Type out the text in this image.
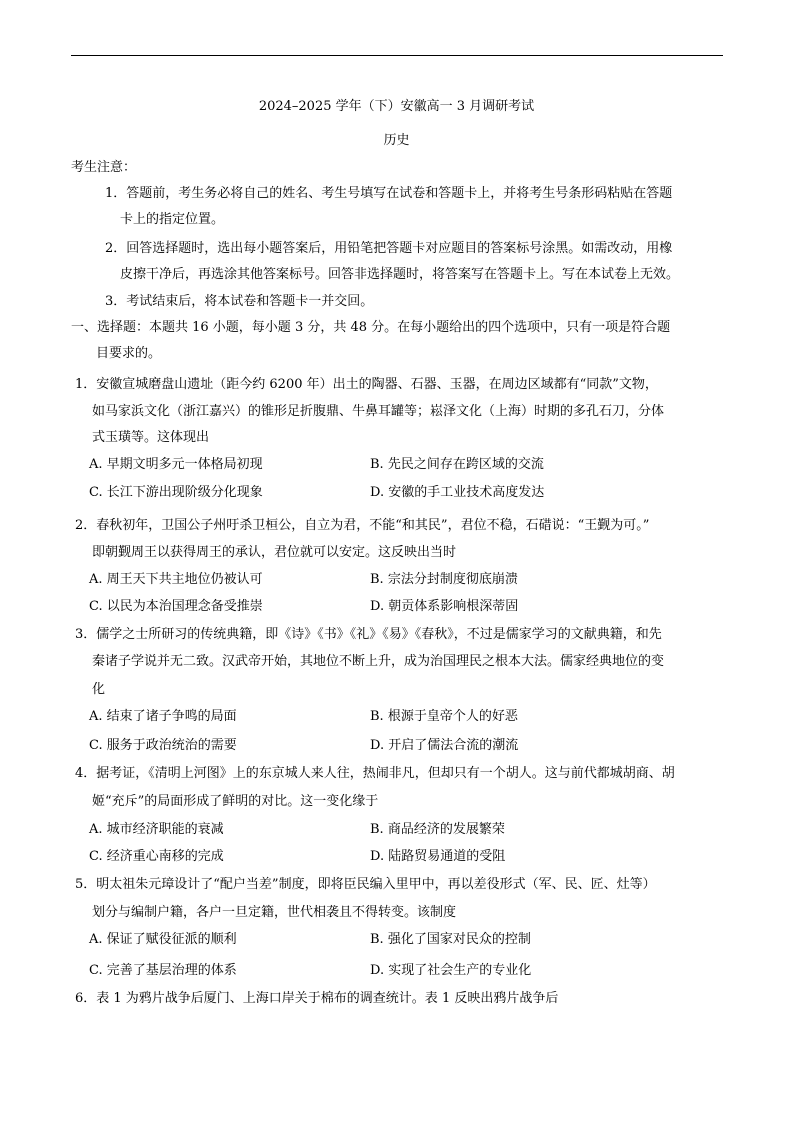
2024–2025 学年（下）安徽高一 3 月调研考试
历史
考生注意：
1．答题前，考生务必将自己的姓名、考生号填写在试卷和答题卡上，并将考生号条形码粘贴在答题
卡上的指定位置。
2．回答选择题时，选出每小题答案后，用铅笔把答题卡对应题目的答案标号涂黑。如需改动，用橡
皮擦干净后，再选涂其他答案标号。回答非选择题时，将答案写在答题卡上。写在本试卷上无效。
3．考试结束后，将本试卷和答题卡一并交回。
一、选择题：本题共 16 小题，每小题 3 分，共 48 分。在每小题给出的四个选项中，只有一项是符合题
目要求的。
1．安徽宣城磨盘山遗址（距今约 6200 年）出土的陶器、石器、玉器，在周边区域都有“同款”文物，
如马家浜文化（浙江嘉兴）的锥形足折腹鼎、牛鼻耳罐等；崧泽文化（上海）时期的多孔石刀，分体
式玉璜等。这体现出
A. 早期文明多元一体格局初现	B. 先民之间存在跨区域的交流
C. 长江下游出现阶级分化现象	D. 安徽的手工业技术高度发达
2．春秋初年，卫国公子州吁杀卫桓公，自立为君，不能“和其民”，君位不稳，石碏说：“王觐为可。”
即朝觐周王以获得周王的承认，君位就可以安定。这反映出当时
A. 周王天下共主地位仍被认可	B. 宗法分封制度彻底崩溃
C. 以民为本治国理念备受推崇	D. 朝贡体系影响根深蒂固
3．儒学之士所研习的传统典籍，即《诗》《书》《礼》《易》《春秋》，不过是儒家学习的文献典籍，和先
秦诸子学说并无二致。汉武帝开始，其地位不断上升，成为治国理民之根本大法。儒家经典地位的变
化
A. 结束了诸子争鸣的局面	B. 根源于皇帝个人的好恶
C. 服务于政治统治的需要	D. 开启了儒法合流的潮流
4．据考证，《清明上河图》上的东京城人来人往，热闹非凡，但却只有一个胡人。这与前代都城胡商、胡
姬“充斥”的局面形成了鲜明的对比。这一变化缘于
A. 城市经济职能的衰减	B. 商品经济的发展繁荣
C. 经济重心南移的完成	D. 陆路贸易通道的受阻
5．明太祖朱元璋设计了“配户当差”制度，即将臣民编入里甲中，再以差役形式（军、民、匠、灶等）
划分与编制户籍，各户一旦定籍，世代相袭且不得转变。该制度
A. 保证了赋役征派的顺利	B. 强化了国家对民众的控制
C. 完善了基层治理的体系	D. 实现了社会生产的专业化
6．表 1 为鸦片战争后厦门、上海口岸关于棉布的调查统计。表 1 反映出鸦片战争后
